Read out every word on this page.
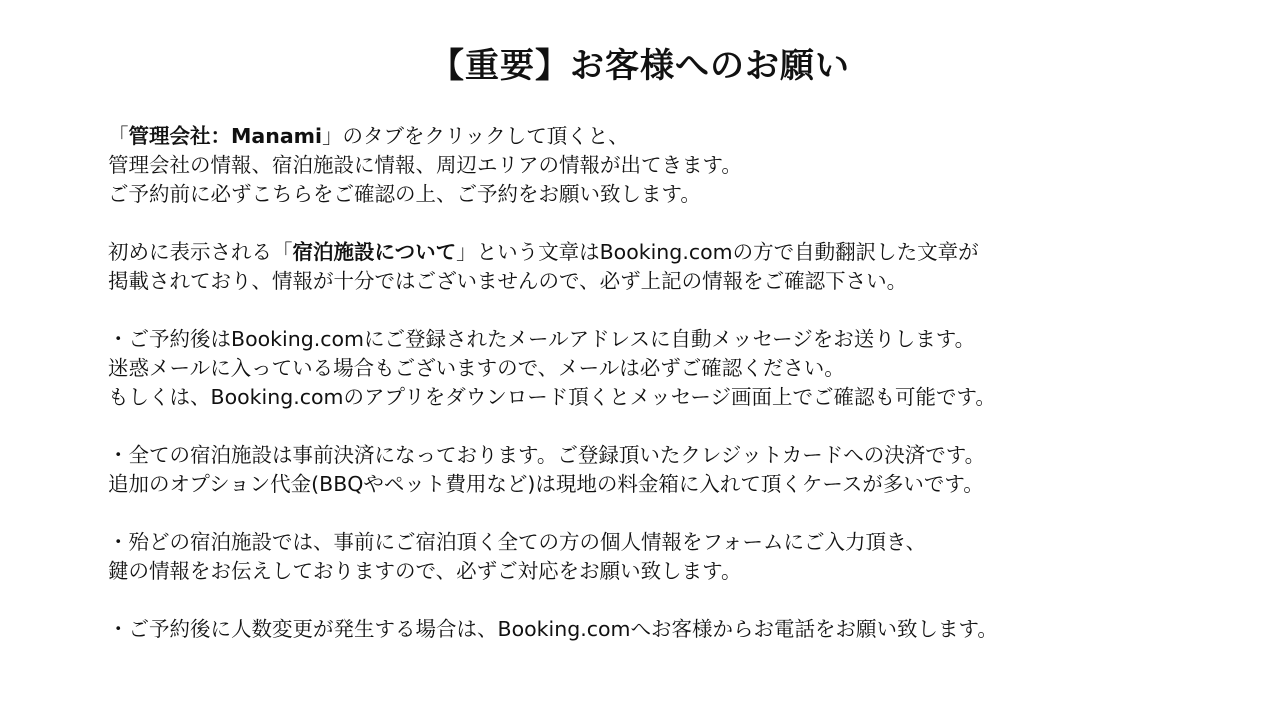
【重要】お客様へのお願い
「管理会社：Manami」のタブをクリックして頂くと、
管理会社の情報、宿泊施設に情報、周辺エリアの情報が出てきます。
ご予約前に必ずこちらをご確認の上、ご予約をお願い致します。
初めに表示される「宿泊施設について」という文章はBooking.comの方で自動翻訳した文章が
掲載されており、情報が十分ではございませんので、必ず上記の情報をご確認下さい。
・ご予約後はBooking.comにご登録されたメールアドレスに自動メッセージをお送りします。
迷惑メールに入っている場合もございますので、メールは必ずご確認ください。
もしくは、Booking.comのアプリをダウンロード頂くとメッセージ画面上でご確認も可能です。
・全ての宿泊施設は事前決済になっております。ご登録頂いたクレジットカードへの決済です。
追加のオプション代金(BBQやペット費用など)は現地の料金箱に入れて頂くケースが多いです。
・殆どの宿泊施設では、事前にご宿泊頂く全ての方の個人情報をフォームにご入力頂き、
鍵の情報をお伝えしておりますので、必ずご対応をお願い致します。
・ご予約後に人数変更が発生する場合は、Booking.comへお客様からお電話をお願い致します。
